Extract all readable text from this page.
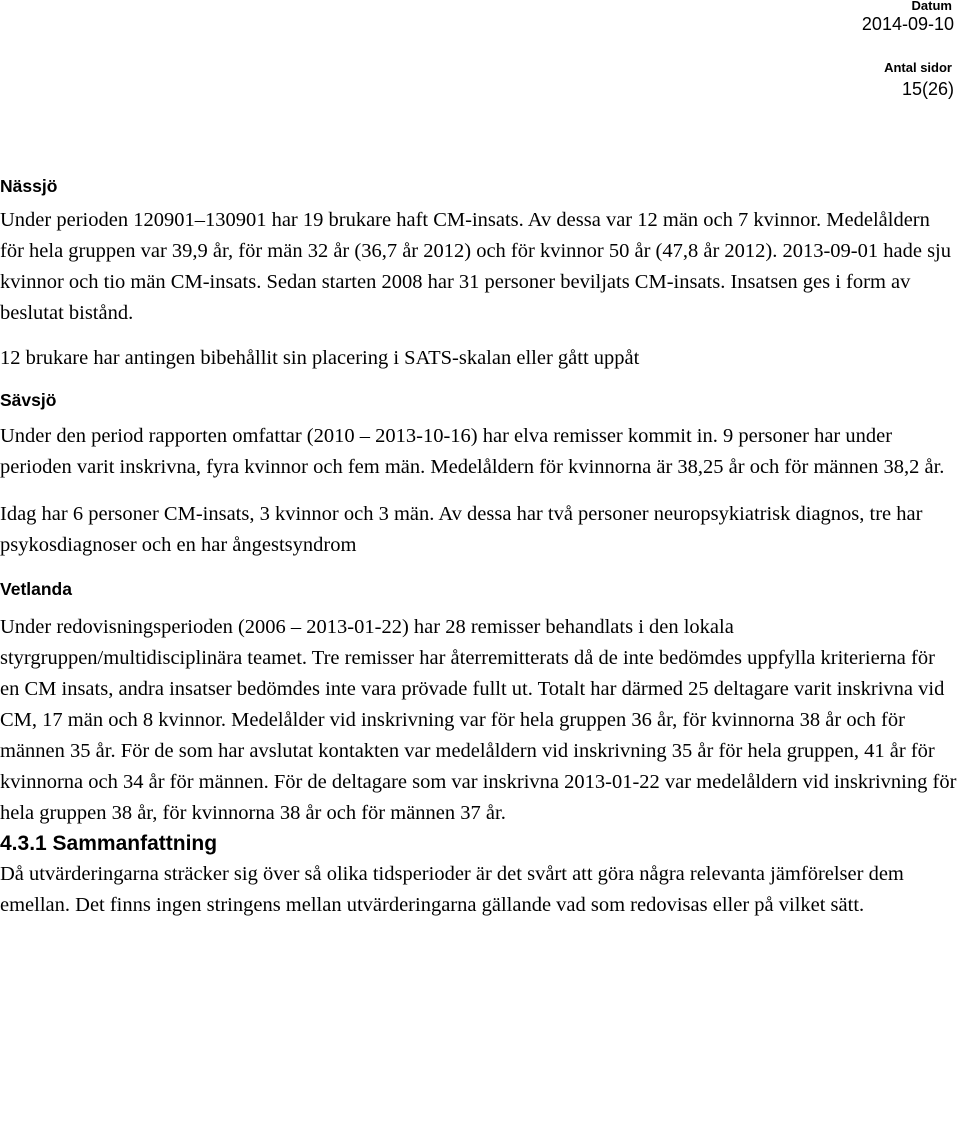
Datum
2014-09-10
Antal sidor
15(26)
Nässjö

Under perioden 120901–130901 har 19 brukare haft CM-insats. Av dessa var 12 män och 7 kvinnor. Medelåldern för hela gruppen var 39,9 år, för män 32 år (36,7 år 2012) och för kvinnor 50 år (47,8 år 2012). 2013-09-01 hade sju kvinnor och tio män CM-insats. Sedan starten 2008 har 31 personer beviljats CM-insats. Insatsen ges i form av beslutat bistånd.

12 brukare har antingen bibehållit sin placering i SATS-skalan eller gått uppåt

Sävsjö

Under den period rapporten omfattar (2010 – 2013-10-16) har elva remisser kommit in. 9 personer har under perioden varit inskrivna, fyra kvinnor och fem män. Medelåldern för kvinnorna är 38,25 år och för männen 38,2 år.

Idag har 6 personer CM-insats, 3 kvinnor och 3 män. Av dessa har två personer neuropsykiatrisk diagnos, tre har psykosdiagnoser och en har ångestsyndrom

Vetlanda

Under redovisningsperioden (2006 – 2013-01-22) har 28 remisser behandlats i den lokala styrgruppen/multidisciplinära teamet. Tre remisser har återremitterats då de inte bedömdes uppfylla kriterierna för en CM insats, andra insatser bedömdes inte vara prövade fullt ut. Totalt har därmed 25 deltagare varit inskrivna vid CM, 17 män och 8 kvinnor. Medelålder vid inskrivning var för hela gruppen 36 år, för kvinnorna 38 år och för männen 35 år. För de som har avslutat kontakten var medelåldern vid inskrivning 35 år för hela gruppen, 41 år för kvinnorna och 34 år för männen. För de deltagare som var inskrivna 2013-01-22 var medelåldern vid inskrivning för hela gruppen 38 år, för kvinnorna 38 år och för männen 37 år.

4.3.1 Sammanfattning

Då utvärderingarna sträcker sig över så olika tidsperioder är det svårt att göra några relevanta jämförelser dem emellan. Det finns ingen stringens mellan utvärderingarna gällande vad som redovisas eller på vilket sätt.
